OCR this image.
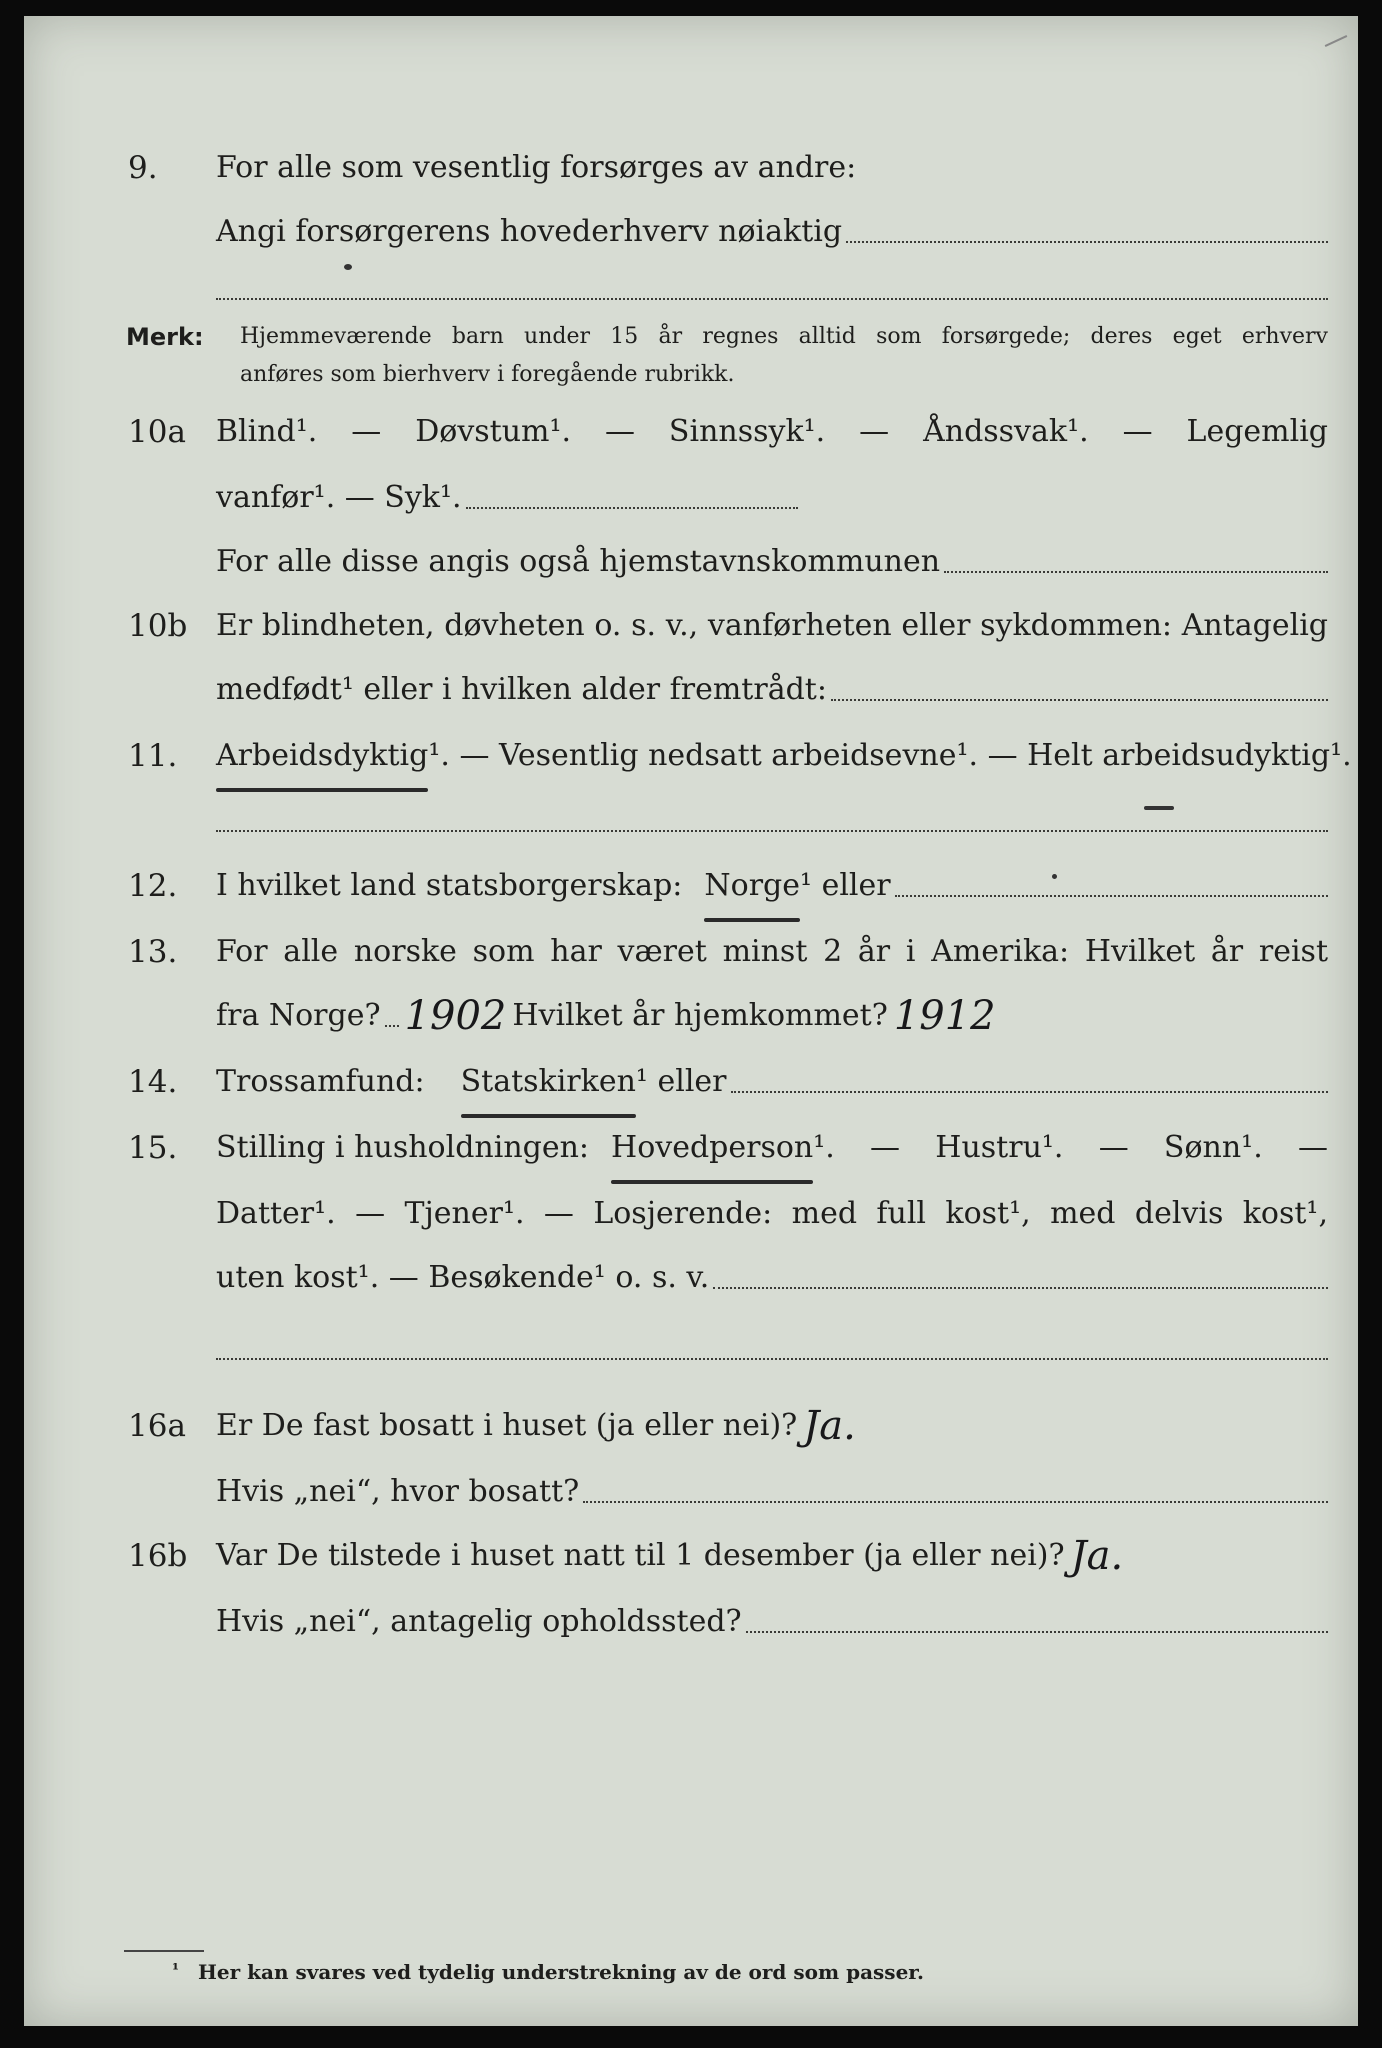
9. For alle som vesentlig forsørges av andre:
Angi forsørgerens hovederhverv nøiaktig
Merk: Hjemmeværende barn under 15 år regnes alltid som forsørgede; deres eget erhverv
anføres som bierhverv i foregående rubrikk.
10a Blind¹. — Døvstum¹. — Sinnssyk¹. — Åndssvak¹. — Legemlig
vanfør¹. — Syk¹.
For alle disse angis også hjemstavnskommunen
10b Er blindheten, døvheten o. s. v., vanførheten eller sykdommen: Antagelig
medfødt¹ eller i hvilken alder fremtrådt:
11. Arbeidsdyktig ¹. — Vesentlig nedsatt arbeidsevne¹. — Helt arbeidsudyktig¹.
12. I hvilket land statsborgerskap: Norge ¹ eller
13. For alle norske som har været minst 2 år i Amerika: Hvilket år reist
fra Norge? 1902 Hvilket år hjemkommet? 1912
14. Trossamfund: Statskirken ¹ eller
15. Stilling i husholdningen: Hovedperson ¹. — Hustru¹. — Sønn¹. —
Datter¹. — Tjener¹. — Losjerende: med full kost¹, med delvis kost¹,
uten kost¹. — Besøkende¹ o. s. v.
16a Er De fast bosatt i huset (ja eller nei)? Ja.
Hvis „nei“, hvor bosatt?
16b Var De tilstede i huset natt til 1 desember (ja eller nei)? Ja.
Hvis „nei“, antagelig opholdssted?
¹ Her kan svares ved tydelig understrekning av de ord som passer.
